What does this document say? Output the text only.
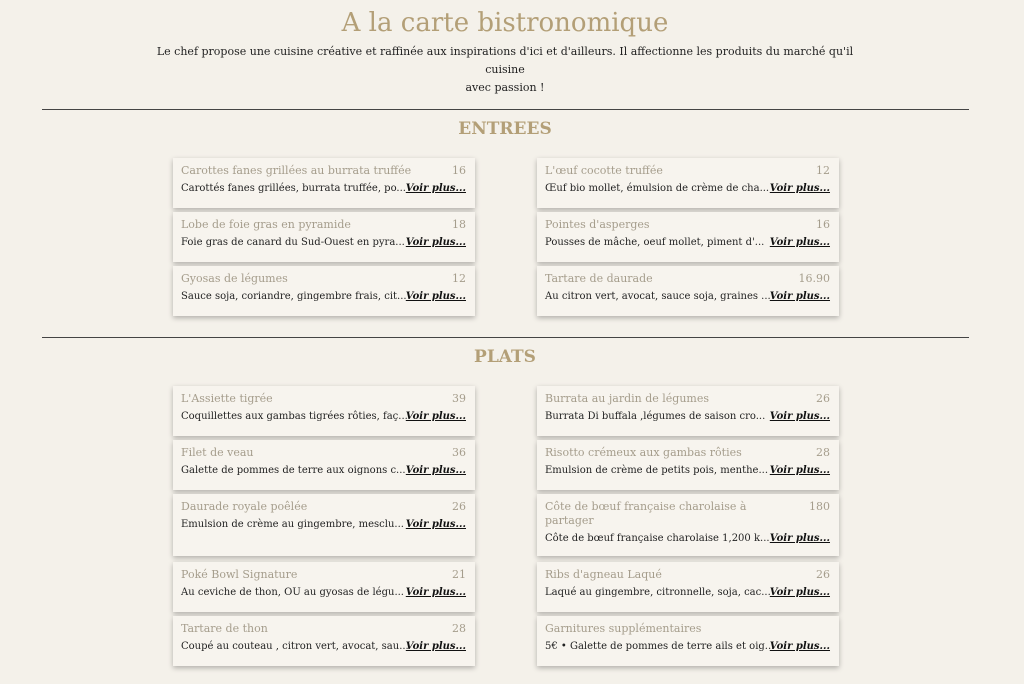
A la carte bistronomique
Le chef propose une cuisine créative et raffinée aux inspirations d'ici et d'ailleurs. Il affectionne les produits du marché qu'il cuisine
avec passion !
ENTREES
PLATS
Carottes fanes grillées au burrata truffée	16
Carottés fanes grillées, burrata truffée, po... Voir plus...
L'œuf cocotte truffée	12
Œuf bio mollet, émulsion de crème de cha... Voir plus...
Lobe de foie gras en pyramide	18
Foie gras de canard du Sud-Ouest en pyra... Voir plus...
Pointes d'asperges	16
Pousses de mâche, oeuf mollet, piment d'... Voir plus...
Gyosas de légumes	12
Sauce soja, coriandre, gingembre frais, cit... Voir plus...
Tartare de daurade	16.90
Au citron vert, avocat, sauce soja, graines ... Voir plus...
L'Assiette tigrée	39
Coquillettes aux gambas tigrées rôties, faç...
Voir plus...
Burrata au jardin de légumes	26
Burrata Di buffala ,légumes de saison cro... Voir plus...
Filet de veau	36
Galette de pommes de terre aux oignons c... Voir plus...
Risotto crémeux aux gambas rôties	28
Emulsion de crème de petits pois, menthe... Voir plus...
Daurade royale poêlée	26
Emulsion de crème au gingembre, mesclu... Voir plus...
Côte de bœuf française charolaise à partager
180
Côte de bœuf française charolaise 1,200 k... Voir plus...
Poké Bowl Signature	21
Au ceviche de thon, OU au gyosas de légu... Voir plus...
Ribs d'agneau Laqué	26
Laqué au gingembre, citronnelle, soja, cac... Voir plus...
Tartare de thon	28
Coupé au couteau , citron vert, avocat, sau...
Voir plus...
Garnitures supplémentaires
5€ • Galette de pommes de terre ails et oig...
Voir plus...
